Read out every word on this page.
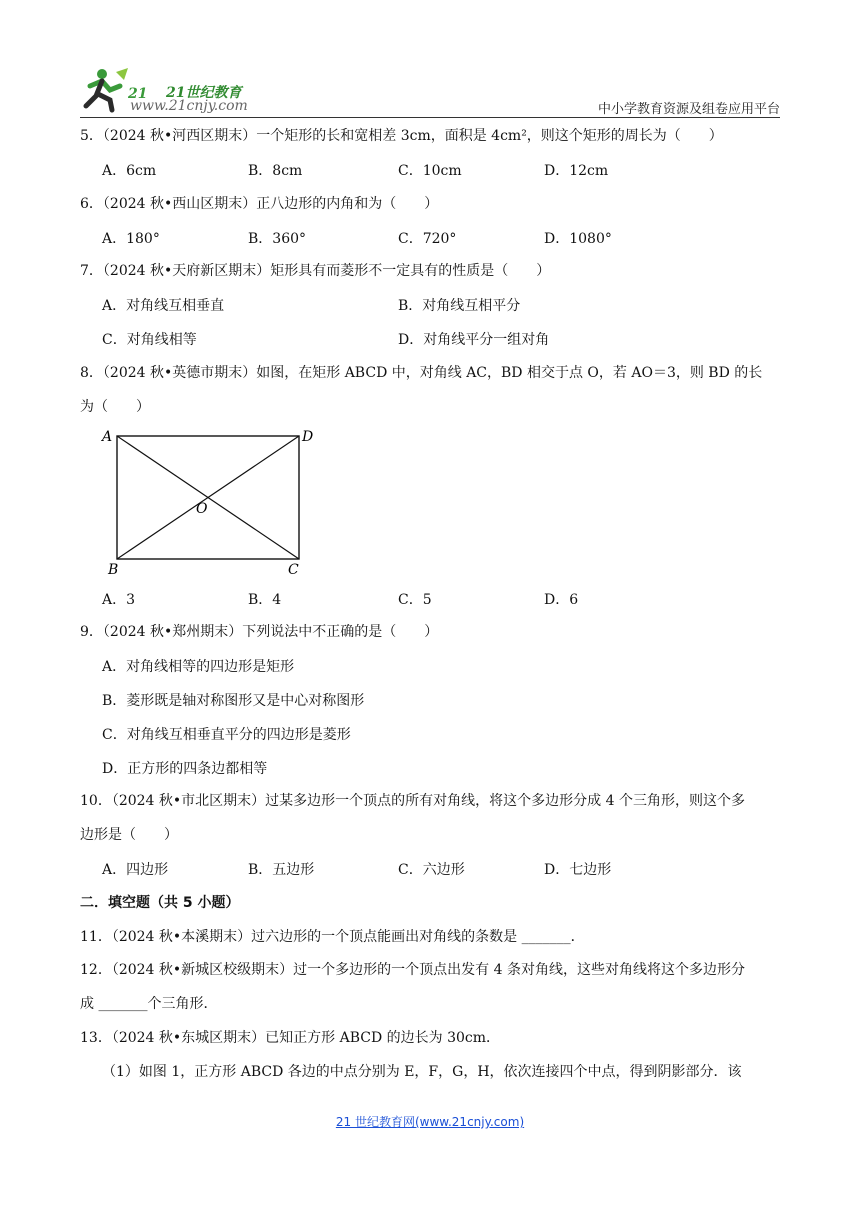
21 21世纪教育
www.21cnjy.com	中小学教育资源及组卷应用平台
5．（2024 秋•河西区期末）一个矩形的长和宽相差 3cm，面积是 4cm²，则这个矩形的周长为（　　）
A．6cm	B．8cm	C．10cm	D．12cm
6．（2024 秋•西山区期末）正八边形的内角和为（　　）
A．180°	B．360°	C．720°	D．1080°
7．（2024 秋•天府新区期末）矩形具有而菱形不一定具有的性质是（　　）
A．对角线互相垂直	B．对角线互相平分
C．对角线相等	D．对角线平分一组对角
8．（2024 秋•英德市期末）如图，在矩形 ABCD 中，对角线 AC，BD 相交于点 O，若 AO＝3，则 BD 的长
为（　　）
A	D
B	C
O
A．3	B．4	C．5	D．6
9．（2024 秋•郑州期末）下列说法中不正确的是（　　）
A．对角线相等的四边形是矩形
B．菱形既是轴对称图形又是中心对称图形
C．对角线互相垂直平分的四边形是菱形
D．正方形的四条边都相等
10．（2024 秋•市北区期末）过某多边形一个顶点的所有对角线，将这个多边形分成 4 个三角形，则这个多
边形是（　　）
A．四边形	B．五边形	C．六边形	D．七边形
二．填空题（共 5 小题）
11．（2024 秋•本溪期末）过六边形的一个顶点能画出对角线的条数是 _______．
12．（2024 秋•新城区校级期末）过一个多边形的一个顶点出发有 4 条对角线，这些对角线将这个多边形分
成 _______个三角形．
13．（2024 秋•东城区期末）已知正方形 ABCD 的边长为 30cm．
（1）如图 1，正方形 ABCD 各边的中点分别为 E，F，G，H，依次连接四个中点，得到阴影部分．该
21 世纪教育网(www.21cnjy.com)
